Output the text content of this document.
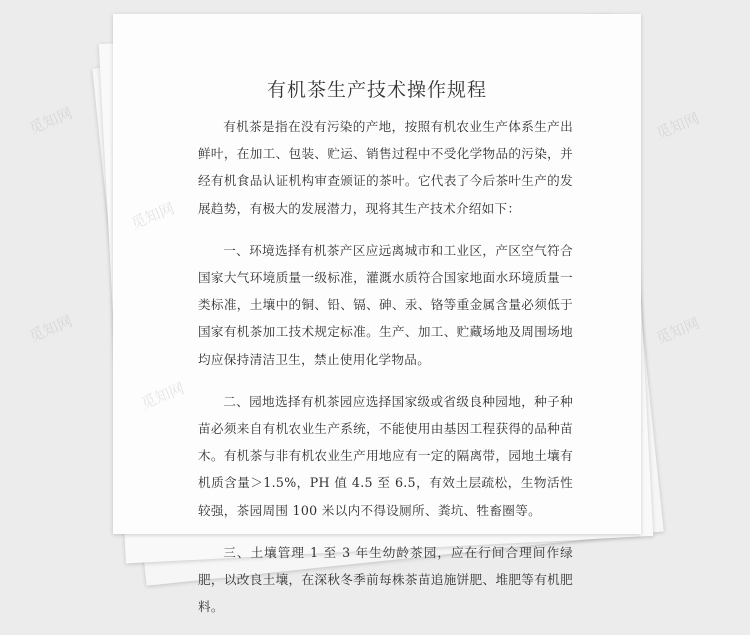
觅知网	觅知网
觅知网	觅知网
觅知网
觅知网
有机茶生产技术操作规程

有机茶是指在没有污染的产地，按照有机农业生产体系生产出鲜叶，在加工、包装、贮运、销售过程中不受化学物品的污染，并经有机食品认证机构审查颁证的茶叶。它代表了今后茶叶生产的发展趋势，有极大的发展潜力，现将其生产技术介绍如下：

一、环境选择有机茶产区应远离城市和工业区，产区空气符合国家大气环境质量一级标准，灌溉水质符合国家地面水环境质量一类标准，土壤中的铜、铅、镉、砷、汞、铬等重金属含量必须低于国家有机茶加工技术规定标准。生产、加工、贮藏场地及周围场地均应保持清洁卫生，禁止使用化学物品。

二、园地选择有机茶园应选择国家级或省级良种园地，种子种苗必须来自有机农业生产系统，不能使用由基因工程获得的品种苗木。有机茶与非有机农业生产用地应有一定的隔离带，园地土壤有机质含量＞1.5%，PH 值 4.5 至 6.5，有效土层疏松，生物活性较强，茶园周围 100 米以内不得设厕所、粪坑、牲畜圈等。

三、土壤管理 1 至 3 年生幼龄茶园，应在行间合理间作绿肥，以改良土壤，在深秋冬季前每株茶苗追施饼肥、堆肥等有机肥料。
